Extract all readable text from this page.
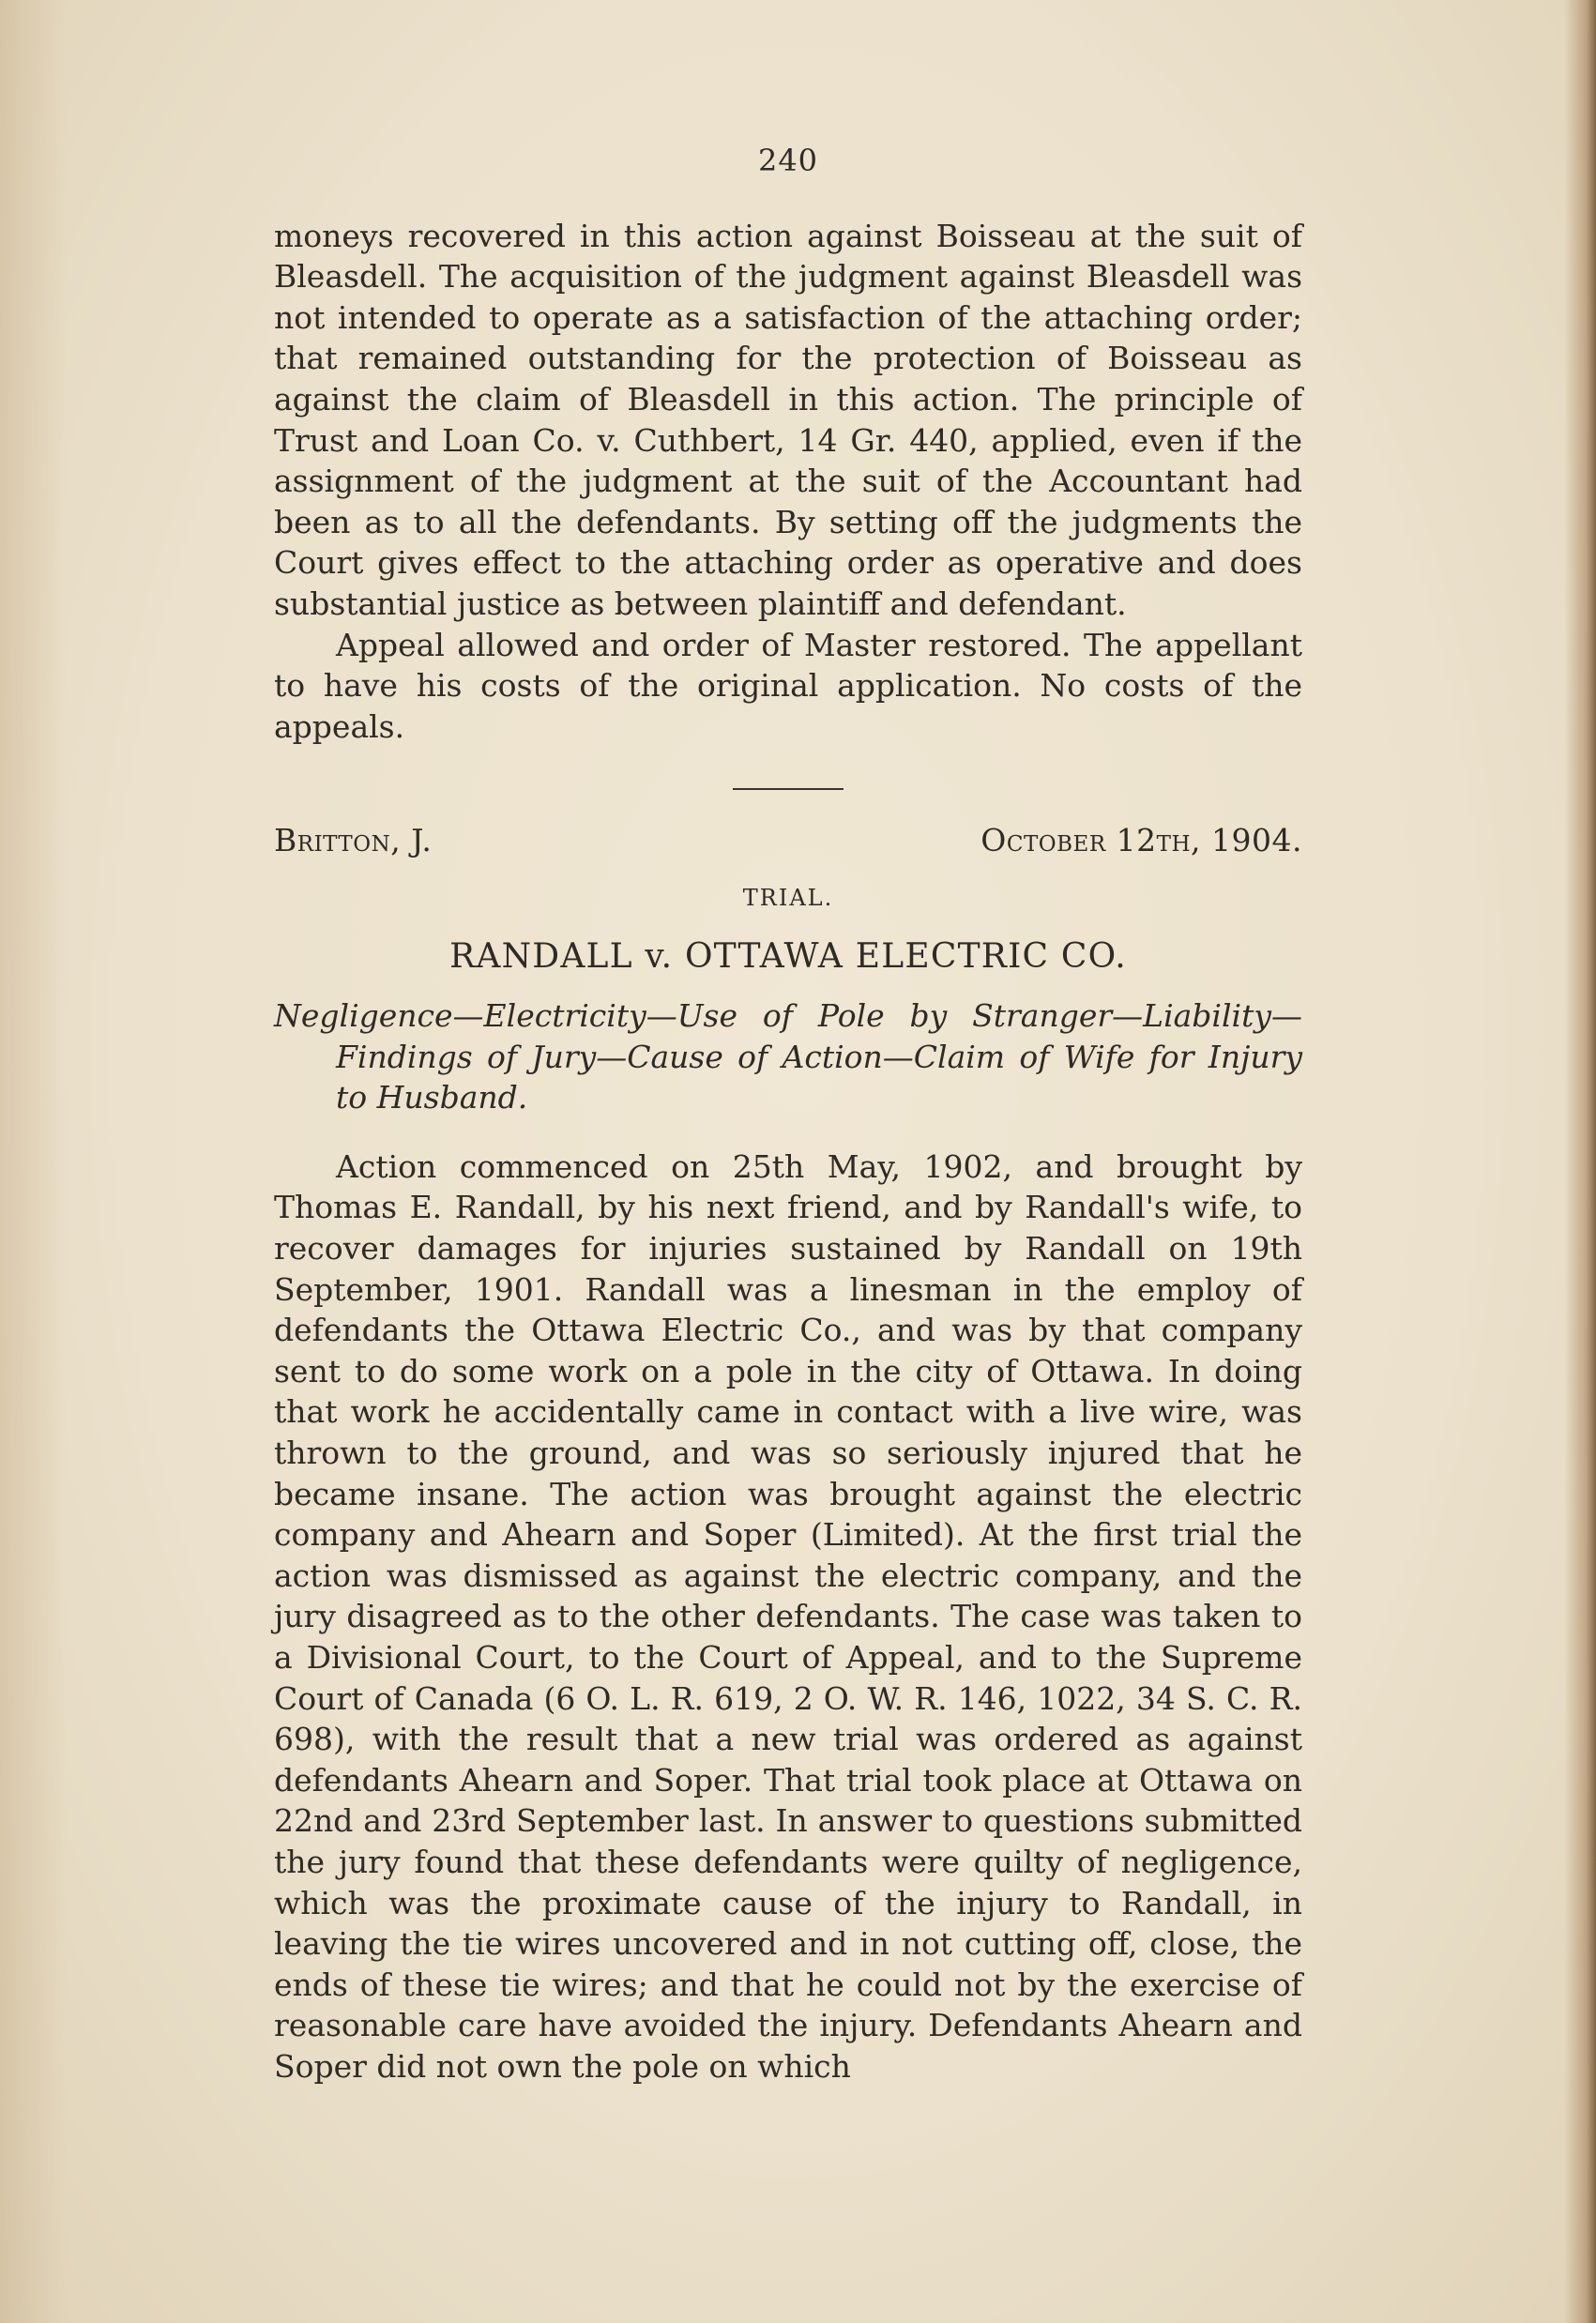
240

moneys recovered in this action against Boisseau at the suit of Bleasdell. The acquisition of the judgment against Bleasdell was not intended to operate as a satisfaction of the attaching order; that remained outstanding for the protection of Boisseau as against the claim of Bleasdell in this action. The principle of Trust and Loan Co. v. Cuthbert, 14 Gr. 440, applied, even if the assignment of the judgment at the suit of the Accountant had been as to all the defendants. By setting off the judgments the Court gives effect to the attaching order as operative and does substantial justice as between plaintiff and defendant.

Appeal allowed and order of Master restored. The appellant to have his costs of the original application. No costs of the appeals.

Britton, J.	October 12th, 1904.
TRIAL.
RANDALL v. OTTAWA ELECTRIC CO.

Negligence—Electricity—Use of Pole by Stranger—Liability— Findings of Jury—Cause of Action—Claim of Wife for Injury to Husband.

Action commenced on 25th May, 1902, and brought by Thomas E. Randall, by his next friend, and by Randall's wife, to recover damages for injuries sustained by Randall on 19th September, 1901. Randall was a linesman in the employ of defendants the Ottawa Electric Co., and was by that company sent to do some work on a pole in the city of Ottawa. In doing that work he accidentally came in contact with a live wire, was thrown to the ground, and was so seriously injured that he became insane. The action was brought against the electric company and Ahearn and Soper (Limited). At the first trial the action was dismissed as against the electric company, and the jury disagreed as to the other defendants. The case was taken to a Divisional Court, to the Court of Appeal, and to the Supreme Court of Canada (6 O. L. R. 619, 2 O. W. R. 146, 1022, 34 S. C. R. 698), with the result that a new trial was ordered as against defendants Ahearn and Soper. That trial took place at Ottawa on 22nd and 23rd September last. In answer to questions submitted the jury found that these defendants were quilty of negligence, which was the proximate cause of the injury to Randall, in leaving the tie wires uncovered and in not cutting off, close, the ends of these tie wires; and that he could not by the exercise of reasonable care have avoided the injury. Defendants Ahearn and Soper did not own the pole on which
